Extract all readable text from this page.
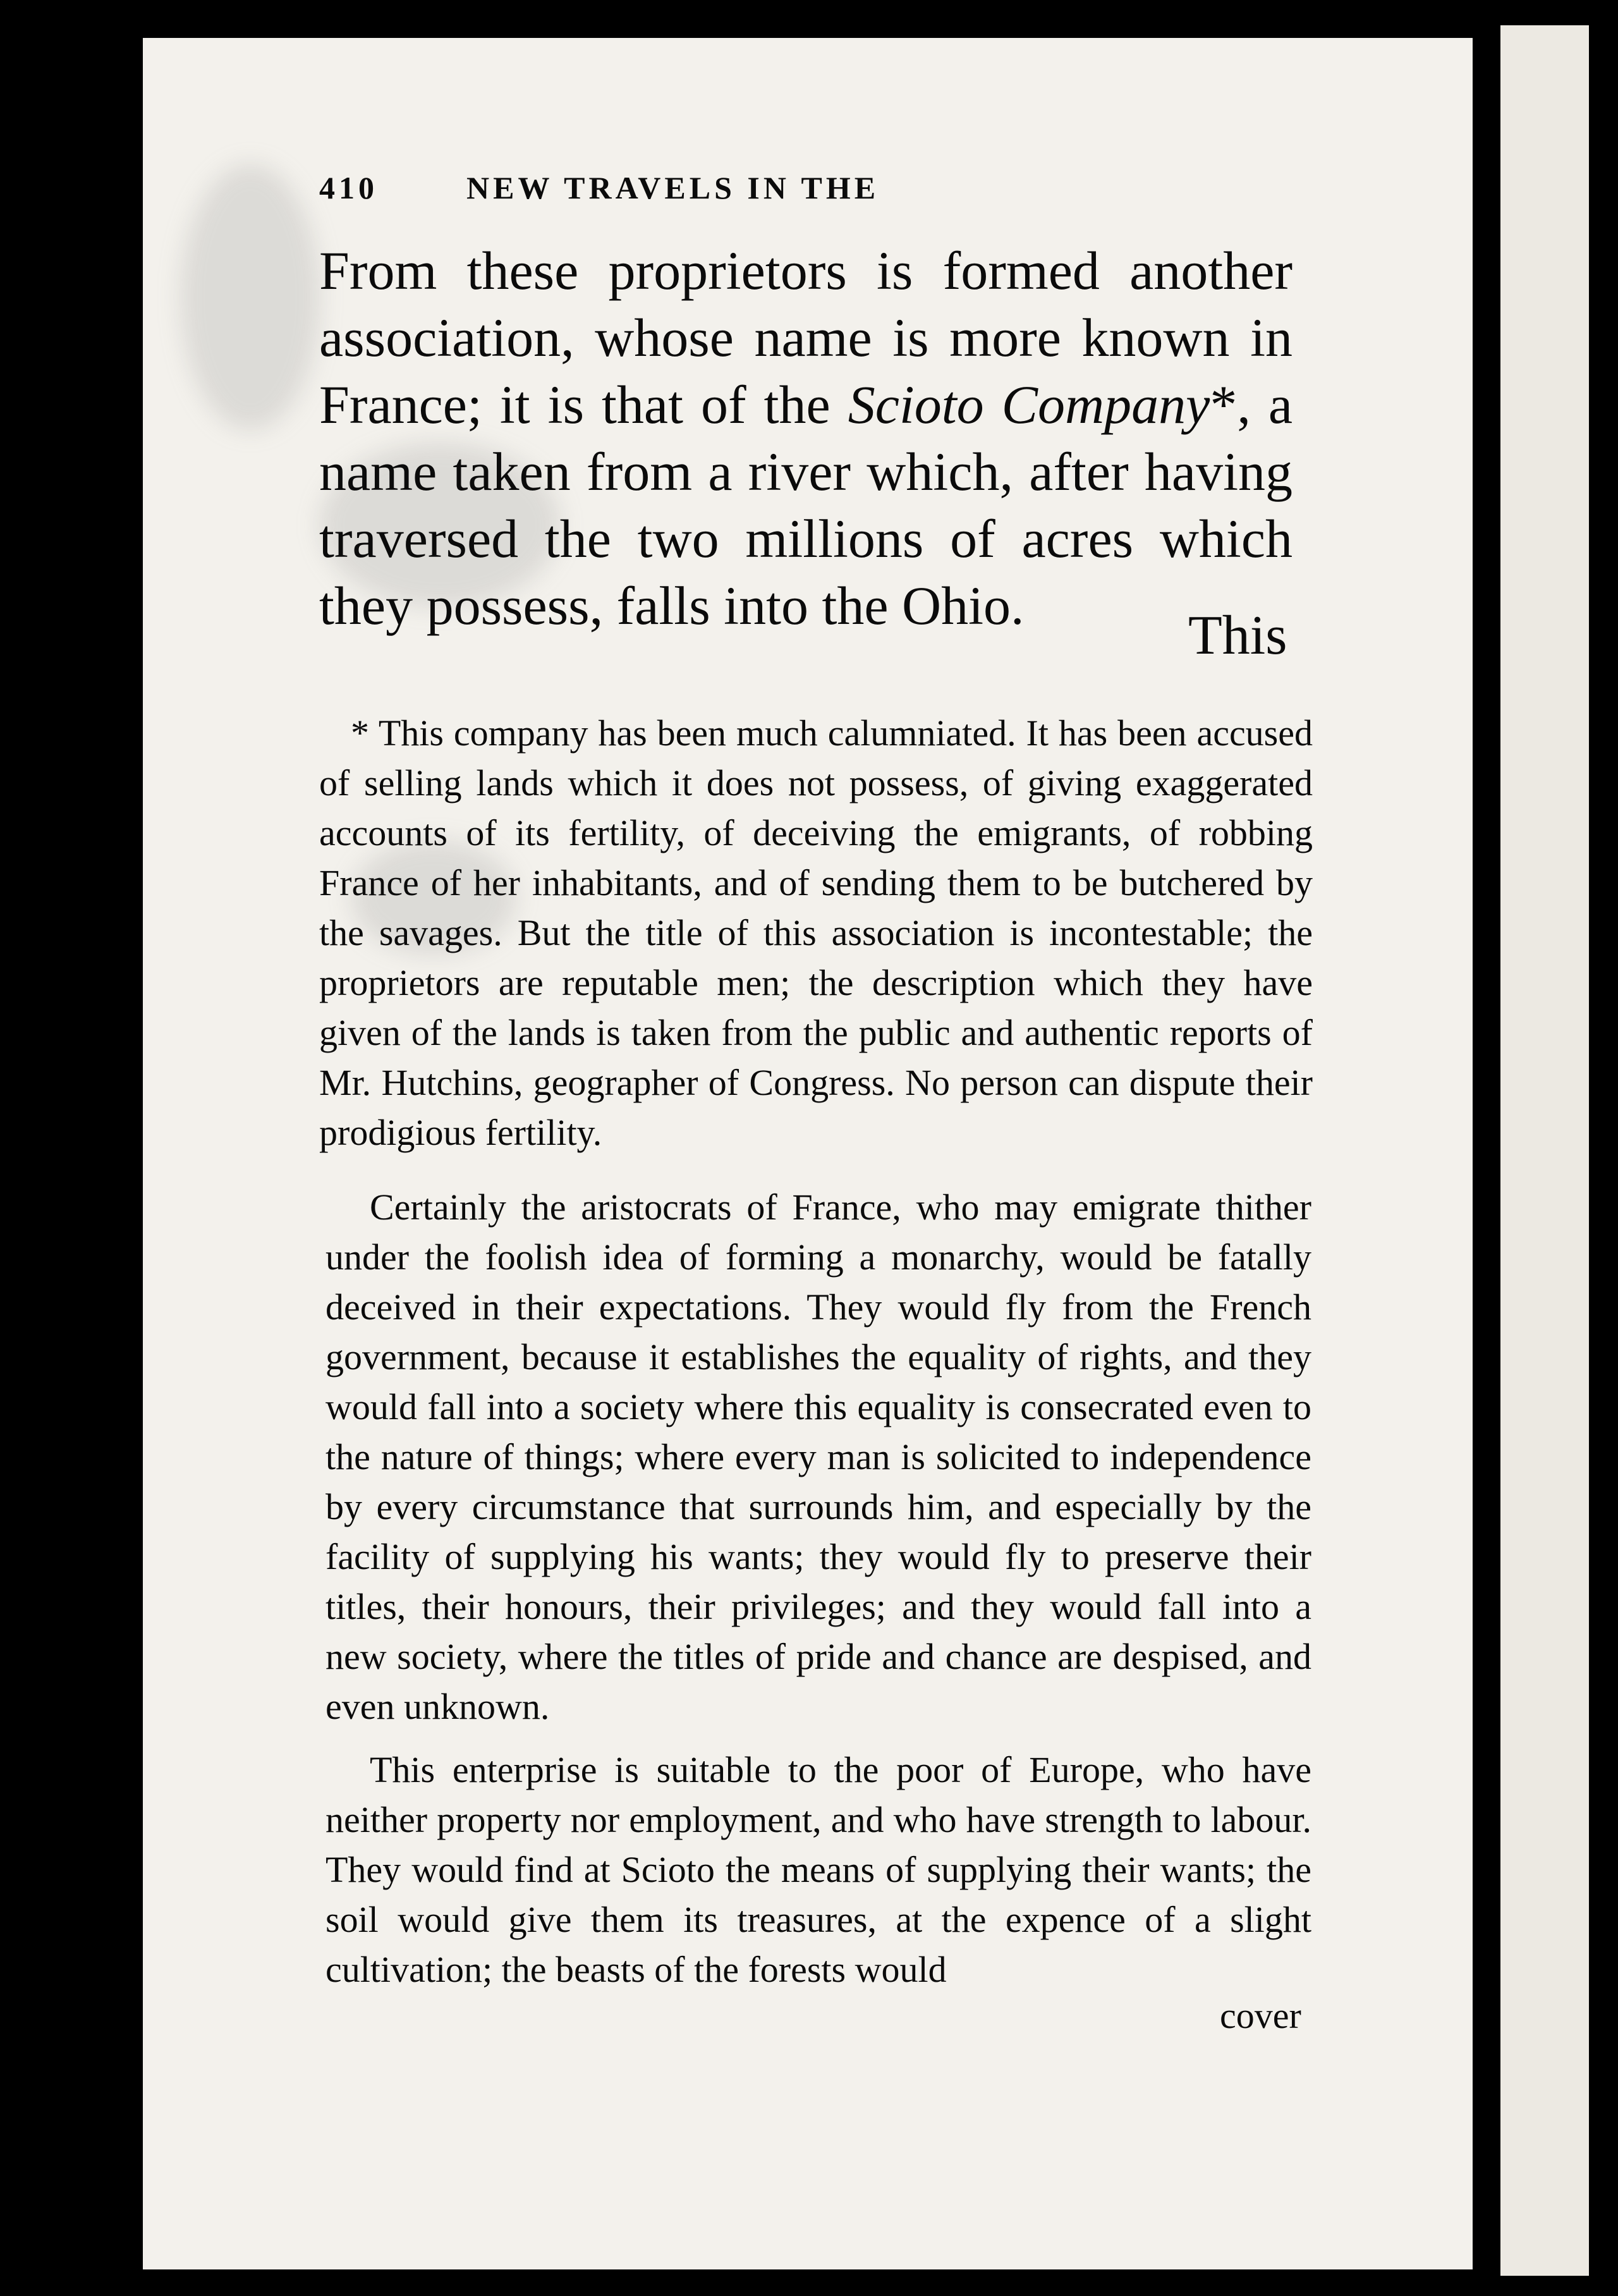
410	NEW TRAVELS IN THE
From these proprietors is formed another association, whose name is more known in France; it is that of the Scioto Company*, a name taken from a river which, after having traversed the two millions of acres which they possess, falls into the Ohio.	This
* This company has been much calumniated. It has been accused of selling lands which it does not possess, of giving exaggerated accounts of its fertility, of deceiving the emigrants, of robbing France of her inhabitants, and of sending them to be butchered by the savages. But the title of this association is incontestable; the proprietors are reputable men; the description which they have given of the lands is taken from the public and authentic reports of Mr. Hutchins, geographer of Congress. No person can dispute their prodigious fertility.
Certainly the aristocrats of France, who may emigrate thither under the foolish idea of forming a monarchy, would be fatally deceived in their expectations. They would fly from the French government, because it establishes the equality of rights, and they would fall into a society where this equality is consecrated even to the nature of things; where every man is solicited to independence by every circumstance that surrounds him, and especially by the facility of supplying his wants; they would fly to preserve their titles, their honours, their privileges; and they would fall into a new society, where the titles of pride and chance are despised, and even unknown.
This enterprise is suitable to the poor of Europe, who have neither property nor employment, and who have strength to labour. They would find at Scioto the means of supplying their wants; the soil would give them its treasures, at the expence of a slight cultivation; the beasts of the forests would
cover
